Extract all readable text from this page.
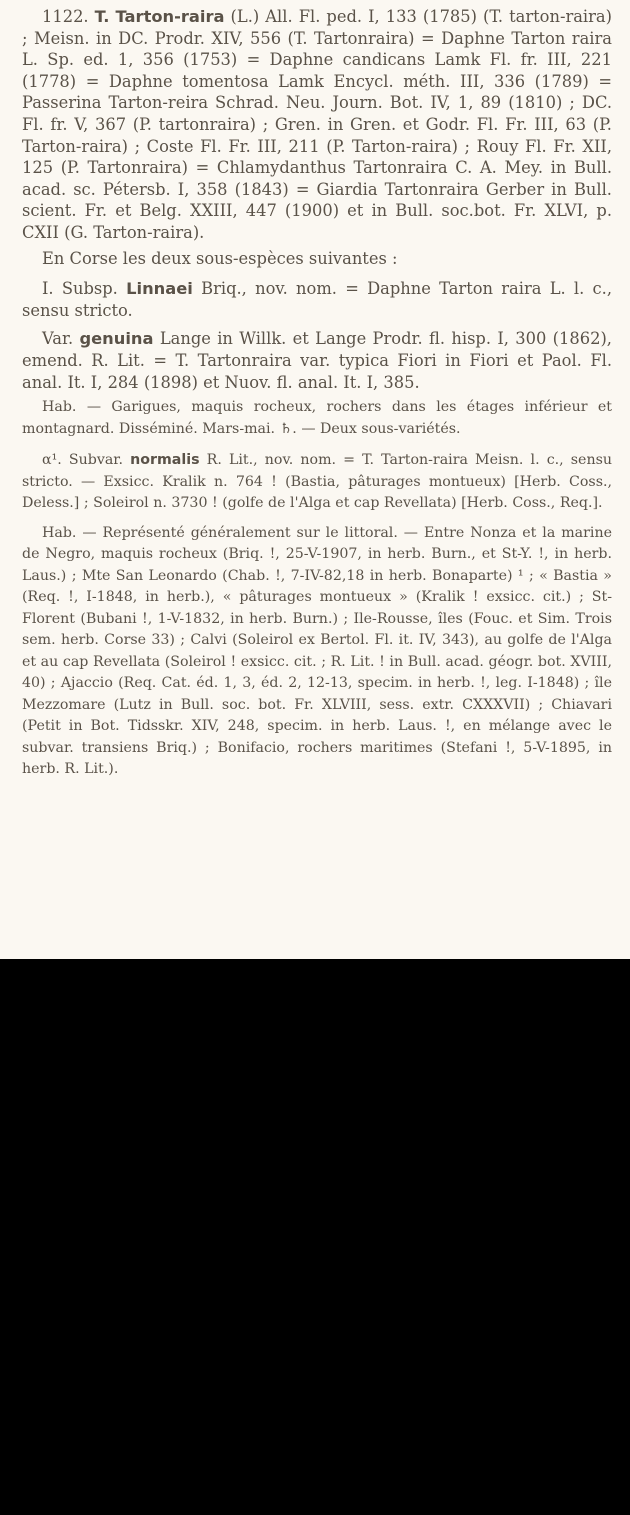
1122. T. Tarton-raira (L.) All. Fl. ped. I, 133 (1785) (T. tarton-raira) ; Meisn. in DC. Prodr. XIV, 556 (T. Tartonraira) = Daphne Tarton raira L. Sp. ed. 1, 356 (1753) = Daphne candicans Lamk Fl. fr. III, 221 (1778) = Daphne tomentosa Lamk Encycl. méth. III, 336 (1789) = Passerina Tarton-reira Schrad. Neu. Journ. Bot. IV, 1, 89 (1810) ; DC. Fl. fr. V, 367 (P. tartonraira) ; Gren. in Gren. et Godr. Fl. Fr. III, 63 (P. Tarton-raira) ; Coste Fl. Fr. III, 211 (P. Tarton-raira) ; Rouy Fl. Fr. XII, 125 (P. Tartonraira) = Chlamydanthus Tartonraira C. A. Mey. in Bull. acad. sc. Pétersb. I, 358 (1843) = Giardia Tartonraira Gerber in Bull. scient. Fr. et Belg. XXIII, 447 (1900) et in Bull. soc.bot. Fr. XLVI, p. CXII (G. Tarton-raira).

En Corse les deux sous-espèces suivantes :

I. Subsp. Linnaei Briq., nov. nom. = Daphne Tarton raira L. l. c., sensu stricto.

Var. genuina Lange in Willk. et Lange Prodr. fl. hisp. I, 300 (1862), emend. R. Lit. = T. Tartonraira var. typica Fiori in Fiori et Paol. Fl. anal. It. I, 284 (1898) et Nuov. fl. anal. It. I, 385.

Hab. — Garigues, maquis rocheux, rochers dans les étages inférieur et montagnard. Disséminé. Mars-mai. ♄. — Deux sous-variétés.

α¹. Subvar. normalis R. Lit., nov. nom. = T. Tarton-raira Meisn. l. c., sensu stricto. — Exsicc. Kralik n. 764 ! (Bastia, pâturages montueux) [Herb. Coss., Deless.] ; Soleirol n. 3730 ! (golfe de l'Alga et cap Revellata) [Herb. Coss., Req.].

Hab. — Représenté généralement sur le littoral. — Entre Nonza et la marine de Negro, maquis rocheux (Briq. !, 25-V-1907, in herb. Burn., et St-Y. !, in herb. Laus.) ; Mte San Leonardo (Chab. !, 7-IV-82,18 in herb. Bonaparte) ¹ ; « Bastia » (Req. !, I-1848, in herb.), « pâturages montueux » (Kralik ! exsicc. cit.) ; St-Florent (Bubani !, 1-V-1832, in herb. Burn.) ; Ile-Rousse, îles (Fouc. et Sim. Trois sem. herb. Corse 33) ; Calvi (Soleirol ex Bertol. Fl. it. IV, 343), au golfe de l'Alga et au cap Revellata (Soleirol ! exsicc. cit. ; R. Lit. ! in Bull. acad. géogr. bot. XVIII, 40) ; Ajaccio (Req. Cat. éd. 1, 3, éd. 2, 12-13, specim. in herb. !, leg. I-1848) ; île Mezzomare (Lutz in Bull. soc. bot. Fr. XLVIII, sess. extr. CXXXVII) ; Chiavari (Petit in Bot. Tidsskr. XIV, 248, specim. in herb. Laus. !, en mélange avec le subvar. transiens Briq.) ; Bonifacio, rochers maritimes (Stefani !, 5-V-1895, in herb. R. Lit.).
